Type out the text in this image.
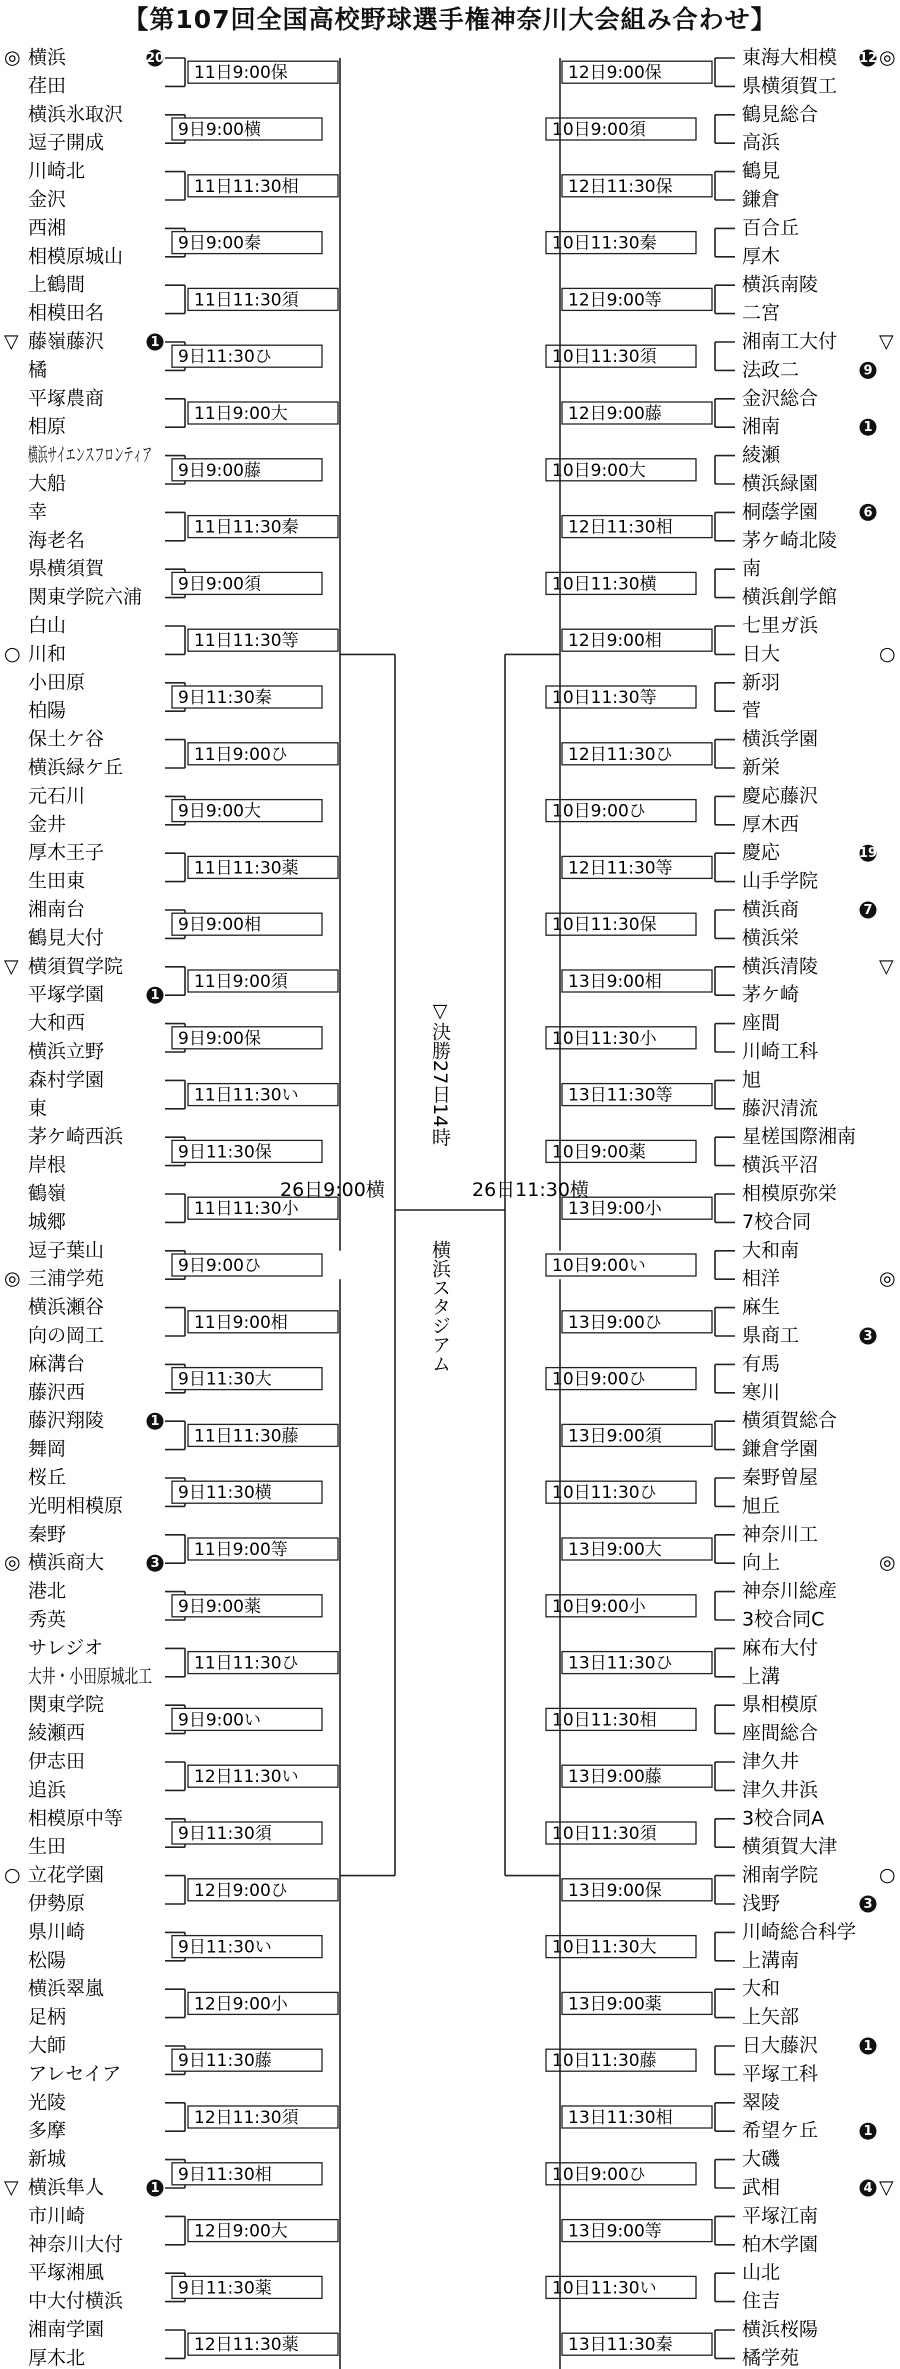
【第107回全国高校野球選手権神奈川大会組み合わせ】
◎ 横浜	20
荏田
横浜氷取沢
逗子開成
川崎北
金沢
西湘
相模原城山
上鶴間
相模田名
▽ 藤嶺藤沢	1
橘
平塚農商
相原
横浜サイエンスフロンティア
大船
幸
海老名
県横須賀
関東学院六浦
白山
○ 川和
小田原
柏陽
保土ケ谷
横浜緑ケ丘
元石川
金井
厚木王子
生田東
湘南台
鶴見大付
▽ 横須賀学院
平塚学園	1
大和西
横浜立野
森村学園
東
茅ケ崎西浜
岸根
鶴嶺
城郷
逗子葉山
◎ 三浦学苑
横浜瀬谷
向の岡工
麻溝台
藤沢西
藤沢翔陵	1
舞岡
桜丘
光明相模原
秦野
◎ 横浜商大	3
港北
秀英
サレジオ
大井・小田原城北工
関東学院
綾瀬西
伊志田
追浜
相模原中等
生田
○ 立花学園
伊勢原
県川崎
松陽
横浜翠嵐
足柄
大師
アレセイア
光陵
多摩
新城
▽ 横浜隼人	1
市川崎
神奈川大付
平塚湘風
中大付横浜
湘南学園
厚木北
11日9:00保
9日9:00横
11日11:30相
9日9:00秦
11日11:30須
9日11:30ひ
11日9:00大
9日9:00藤
11日11:30秦
9日9:00須
11日11:30等
9日11:30秦
11日9:00ひ
9日9:00大
11日11:30薬
9日9:00相
11日9:00須
9日9:00保
11日11:30い
9日11:30保
11日11:30小
9日9:00ひ
11日9:00相
9日11:30大
11日11:30藤
9日11:30横
11日9:00等
9日9:00薬
11日11:30ひ
9日9:00い
12日11:30い
9日11:30須
12日9:00ひ
9日11:30い
12日9:00小
9日11:30藤
12日11:30須
9日11:30相
12日9:00大
9日11:30薬
12日11:30薬
◎
東海大相模 12
県横須賀工
鶴見総合
高浜
鶴見
鎌倉
百合丘
厚木
横浜南陵
二宮
▽
湘南工大付
法政二	9
金沢総合
湘南	1
綾瀬
横浜緑園
桐蔭学園	6
茅ケ崎北陵
南
横浜創学館
七里ガ浜
○
日大
新羽
菅
横浜学園
新栄
慶応藤沢
厚木西
慶応	19
山手学院
横浜商	7
横浜栄
▽
横浜清陵
茅ケ崎
座間
川崎工科
旭
藤沢清流
星槎国際湘南
横浜平沼
相模原弥栄
7校合同
大和南
◎
相洋
麻生
県商工	3
有馬
寒川
横須賀総合
鎌倉学園
秦野曽屋
旭丘
神奈川工
◎
向上
神奈川総産
3校合同C
麻布大付
上溝
県相模原
座間総合
津久井
津久井浜
3校合同A
横須賀大津
○
湘南学院
浅野	3
川崎総合科学
上溝南
大和
上矢部
日大藤沢	1
平塚工科
翠陵
希望ケ丘	1
大磯
▽
武相	4
平塚江南
柏木学園
山北
住吉
横浜桜陽
橘学苑
12日9:00保
10日9:00須
12日11:30保
10日11:30秦
12日9:00等
10日11:30須
12日9:00藤
10日9:00大
12日11:30相
10日11:30横
12日9:00相
10日11:30等
12日11:30ひ
10日9:00ひ
12日11:30等
10日11:30保
13日9:00相
10日11:30小
13日11:30等
10日9:00薬
13日9:00小
10日9:00い
13日9:00ひ
10日9:00ひ
13日9:00須
10日11:30ひ
13日9:00大
10日9:00小
13日11:30ひ
10日11:30相
13日9:00藤
10日11:30須
13日9:00保
10日11:30大
13日9:00薬
10日11:30藤
13日11:30相
10日9:00ひ
13日9:00等
10日11:30い
13日11:30秦
▽決勝27日14時
横浜スタジアム
26日9:00横	26日11:30横
